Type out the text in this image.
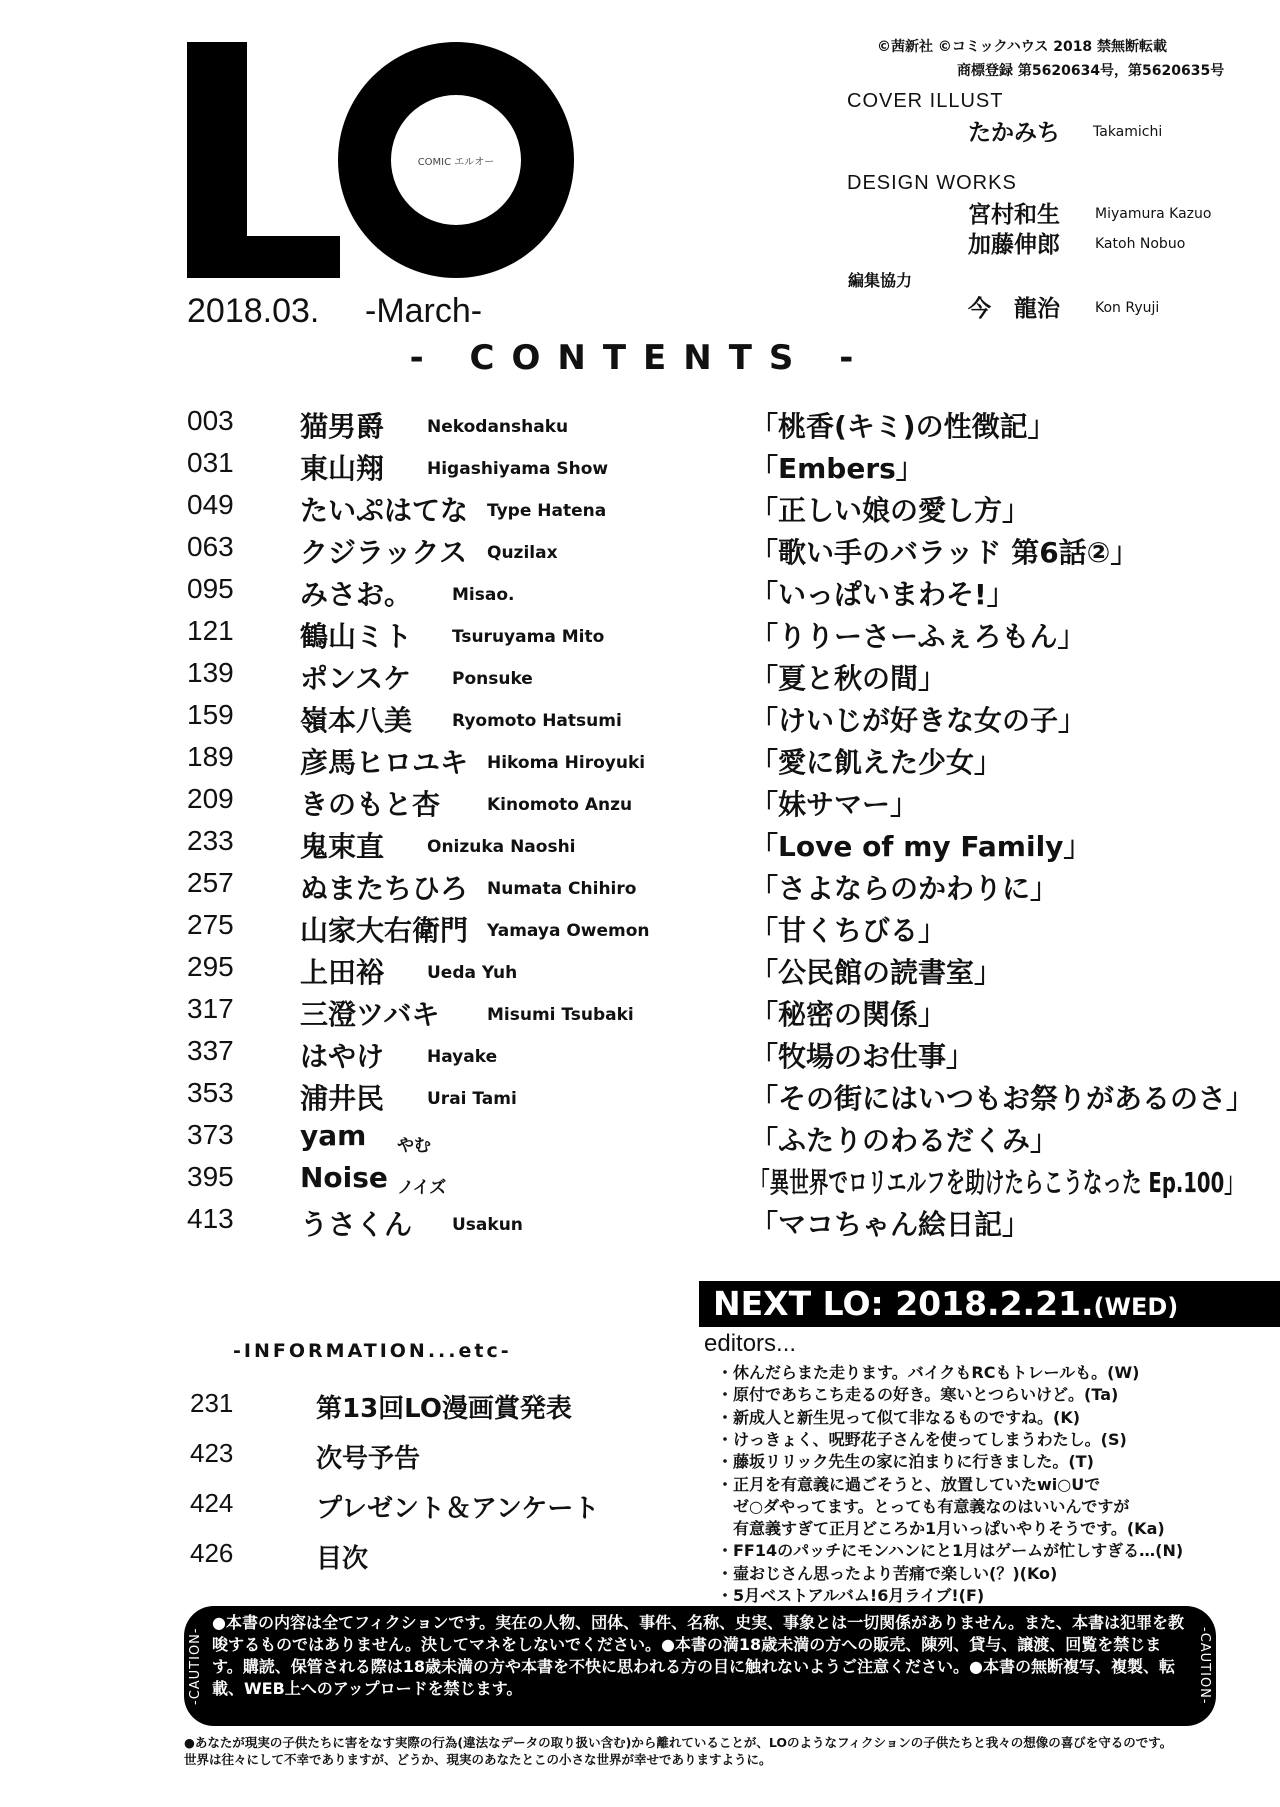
COMIC エルオー
2018.03. -March-
©茜新社 ©コミックハウス 2018 禁無断転載
商標登録 第5620634号，第5620635号
COVER ILLUST
たかみち Takamichi
DESIGN WORKS
宮村和生	Miyamura Kazuo
加藤伸郎	Katoh Nobuo
編集協力
今　龍治	Kon Ryuji
- CONTENTS -
003 猫男爵	Nekodanshaku	「桃香(キミ)の性徴記」
031 東山翔	Higashiyama Show	「Embers」
049 たいぷはてな Type Hatena	「正しい娘の愛し方」
063 クジラックス Quzilax	「歌い手のバラッド 第6話②」
095 みさお。 Misao.	「いっぱいまわそ!」
121 鶴山ミト Tsuruyama Mito	「りりーさーふぇろもん」
139 ポンスケ Ponsuke	「夏と秋の間」
159 嶺本八美 Ryomoto Hatsumi	「けいじが好きな女の子」
189 彦馬ヒロユキ Hikoma Hiroyuki	「愛に飢えた少女」
209 きのもと杏	Kinomoto Anzu	「妹サマー」
233 鬼束直	Onizuka Naoshi	「Love of my Family」
257 ぬまたちひろ Numata Chihiro	「さよならのかわりに」
275 山家大右衛門 Yamaya Owemon	「甘くちびる」
295 上田裕	Ueda Yuh	「公民館の読書室」
317 三澄ツバキ	Misumi Tsubaki	「秘密の関係」
337 はやけ	Hayake	「牧場のお仕事」
353 浦井民	Urai Tami	「その街にはいつもお祭りがあるのさ」
373 yam やむ	「ふたりのわるだくみ」
395 Noise ノイズ	「異世界でロリエルフを助けたらこうなった Ep.100」
413 うさくん Usakun	「マコちゃん絵日記」
-INFORMATION...etc-
231	第13回LO漫画賞発表
423	次号予告
424	プレゼント＆アンケート
426	目次
NEXT LO: 2018.2.21.(WED)
editors...
・休んだらまた走ります。バイクもRCもトレールも。(W)
・原付であちこち走るの好き。寒いとつらいけど。(Ta)
・新成人と新生児って似て非なるものですね。(K)
・けっきょく、呪野花子さんを使ってしまうわたし。(S)
・藤坂リリック先生の家に泊まりに行きました。(T)
・正月を有意義に過ごそうと、放置していたwi○Uで
　ゼ○ダやってます。とっても有意義なのはいいんですが
　有意義すぎて正月どころか1月いっぱいやりそうです。(Ka)
・FF14のパッチにモンハンにと1月はゲームが忙しすぎる…(N)
・壷おじさん思ったより苦痛で楽しい(？)(Ko)
・5月ベストアルバム!6月ライブ!(F)
-CAUTION-
●本書の内容は全てフィクションです。実在の人物、団体、事件、名称、史実、事象とは一切関係がありません。また、本書は犯罪を教唆するものではありません。決してマネをしないでください。●本書の満18歳未満の方への販売、陳列、貸与、譲渡、回覧を禁じます。購読、保管される際は18歳未満の方や本書を不快に思われる方の目に触れないようご注意ください。●本書の無断複写、複製、転載、WEB上へのアップロードを禁じます。	-CAUTION-
●あなたが現実の子供たちに害をなす実際の行為(違法なデータの取り扱い含む)から離れていることが、LOのようなフィクションの子供たちと我々の想像の喜びを守るのです。
世界は往々にして不幸でありますが、どうか、現実のあなたとこの小さな世界が幸せでありますように。
